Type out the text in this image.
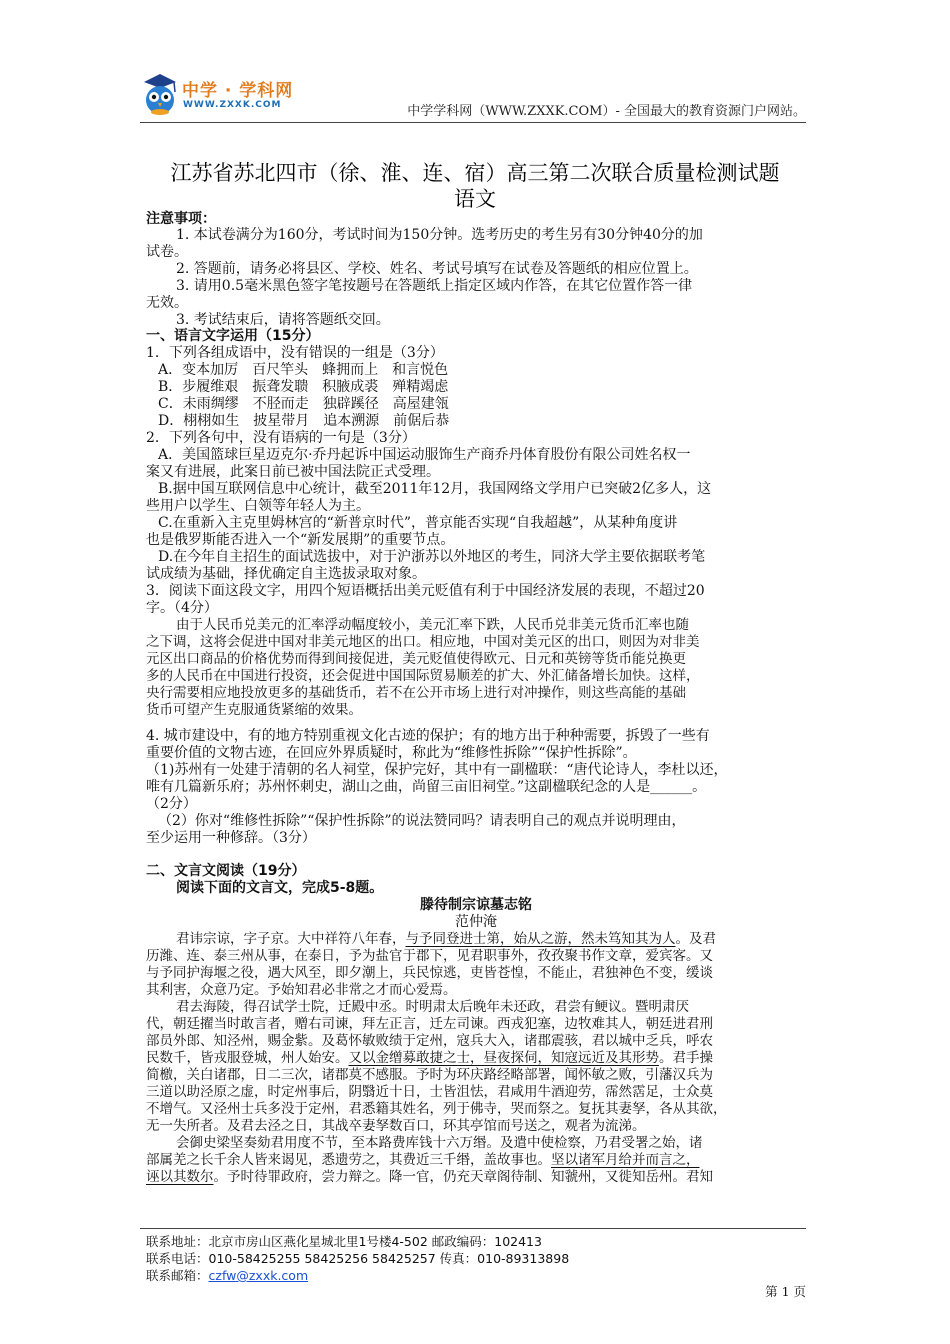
中学 · 学科网
WWW.ZXXK.COM	中学学科网（WWW.ZXXK.COM）- 全国最大的教育资源门户网站。
江苏省苏北四市（徐、淮、连、宿）高三第二次联合质量检测试题
语文
注意事项：
1. 本试卷满分为160分，考试时间为150分钟。选考历史的考生另有30分钟40分的加
试卷。
2. 答题前，请务必将县区、学校、姓名、考试号填写在试卷及答题纸的相应位置上。
3. 请用0.5毫米黑色签字笔按题号在答题纸上指定区域内作答，在其它位置作答一律
无效。
3. 考试结束后，请将答题纸交回。
一、语言文字运用（15分）
1．下列各组成语中，没有错误的一组是（3分）
A．变本加厉　百尺竿头　蜂拥而上　和言悦色
B．步履维艰　振聋发聩　积腋成裘　殚精竭虑
C．未雨绸缪　不胫而走　独辟蹊径　高屋建瓴
D．栩栩如生　披星带月　追本溯源　前倨后恭
2．下列各句中，没有语病的一句是（3分）
A．美国篮球巨星迈克尔·乔丹起诉中国运动服饰生产商乔丹体育股份有限公司姓名权一
案又有进展，此案日前已被中国法院正式受理。
B.据中国互联网信息中心统计，截至2011年12月，我国网络文学用户已突破2亿多人，这
些用户以学生、白领等年轻人为主。
C.在重新入主克里姆林宫的“新普京时代”，普京能否实现“自我超越”，从某种角度讲
也是俄罗斯能否进入一个“新发展期”的重要节点。
D.在今年自主招生的面试选拔中，对于沪浙苏以外地区的考生，同济大学主要依据联考笔
试成绩为基础，择优确定自主选拔录取对象。
3．阅读下面这段文字，用四个短语概括出美元贬值有利于中国经济发展的表现，不超过20
字。（4分）
由于人民币兑美元的汇率浮动幅度较小，美元汇率下跌，人民币兑非美元货币汇率也随
之下调，这将会促进中国对非美元地区的出口。相应地，中国对美元区的出口，则因为对非美
元区出口商品的价格优势而得到间接促进，美元贬值使得欧元、日元和英镑等货币能兑换更
多的人民币在中国进行投资，还会促进中国国际贸易顺差的扩大、外汇储备增长加快。这样，
央行需要相应地投放更多的基础货币，若不在公开市场上进行对冲操作，则这些高能的基础
货币可望产生克服通货紧缩的效果。
4. 城市建设中，有的地方特别重视文化古迹的保护；有的地方出于种种需要，拆毁了一些有
重要价值的文物古迹，在回应外界质疑时，称此为“维修性拆除”“保护性拆除”。
（1)苏州有一处建于清朝的名人祠堂，保护完好，其中有一副楹联：“唐代论诗人，李杜以还，
唯有几篇新乐府；苏州怀刺史，湖山之曲，尚留三亩旧祠堂。”这副楹联纪念的人是______。
（2分）
（2）你对“维修性拆除”“保护性拆除”的说法赞同吗？请表明自己的观点并说明理由，
至少运用一种修辞。（3分）
二、文言文阅读（19分）
阅读下面的文言文，完成5-8题。
滕待制宗谅墓志铭
范仲淹
君讳宗谅，字子京。大中祥符八年春，与予同登进士第，始从之游，然未笃知其为人。及君
历潍、连、泰三州从事，在泰日，予为盐官于郡下，见君职事外，孜孜聚书作文章，爱宾客。又
与予同护海堰之役，遇大风至，即夕潮上，兵民惊逃，吏皆苍惶，不能止，君独神色不变，缓谈
其利害，众意乃定。予始知君必非常之才而心爱焉。
君去海陵，得召试学士院，迁殿中丞。时明肃太后晚年未还政，君尝有鲠议。暨明肃厌
代，朝廷擢当时敢言者，赠右司谏，拜左正言，迁左司谏。西戎犯塞，边牧难其人，朝廷进君刑
部员外郎、知泾州，赐金紫。及葛怀敏败绩于定州，寇兵大入，诸郡震骇，君以城中乏兵，呼农
民数千，皆戎服登城，州人始安。又以金缯募敢捷之士，昼夜探伺，知寇远近及其形势。君手操
简檄，关白诸郡，日二三次，诸郡莫不感服。予时为环庆路经略部署，闻怀敏之败，引藩汉兵为
三道以助泾原之虚，时定州事后，阴翳近十日，士皆沮怯，君咸用牛酒迎劳，霈然霑足，士众莫
不增气。又泾州士兵多没于定州，君悉籍其姓名，列于佛寺，哭而祭之。复抚其妻孥，各从其欲，
无一失所者。及君去泾之日，其战卒妻孥数百口，环其亭馆而号送之，观者为流涕。
会御史梁坚奏劾君用度不节，至本路费库钱十六万缗。及遣中使检察，乃君受署之始，诸
部属羌之长千余人皆来谒见，悉遗劳之，其费近三千缗，盖故事也。坚以诸军月给并而言之，
诬以其数尔。予时待罪政府，尝力辩之。降一官，仍充天章阁待制、知虢州，又徙知岳州。君知
联系地址：北京市房山区燕化星城北里1号楼4-502 邮政编码：102413
联系电话：010-58425255 58425256 58425257 传真：010-89313898
联系邮箱：czfw@zxxk.com
第 1 页
